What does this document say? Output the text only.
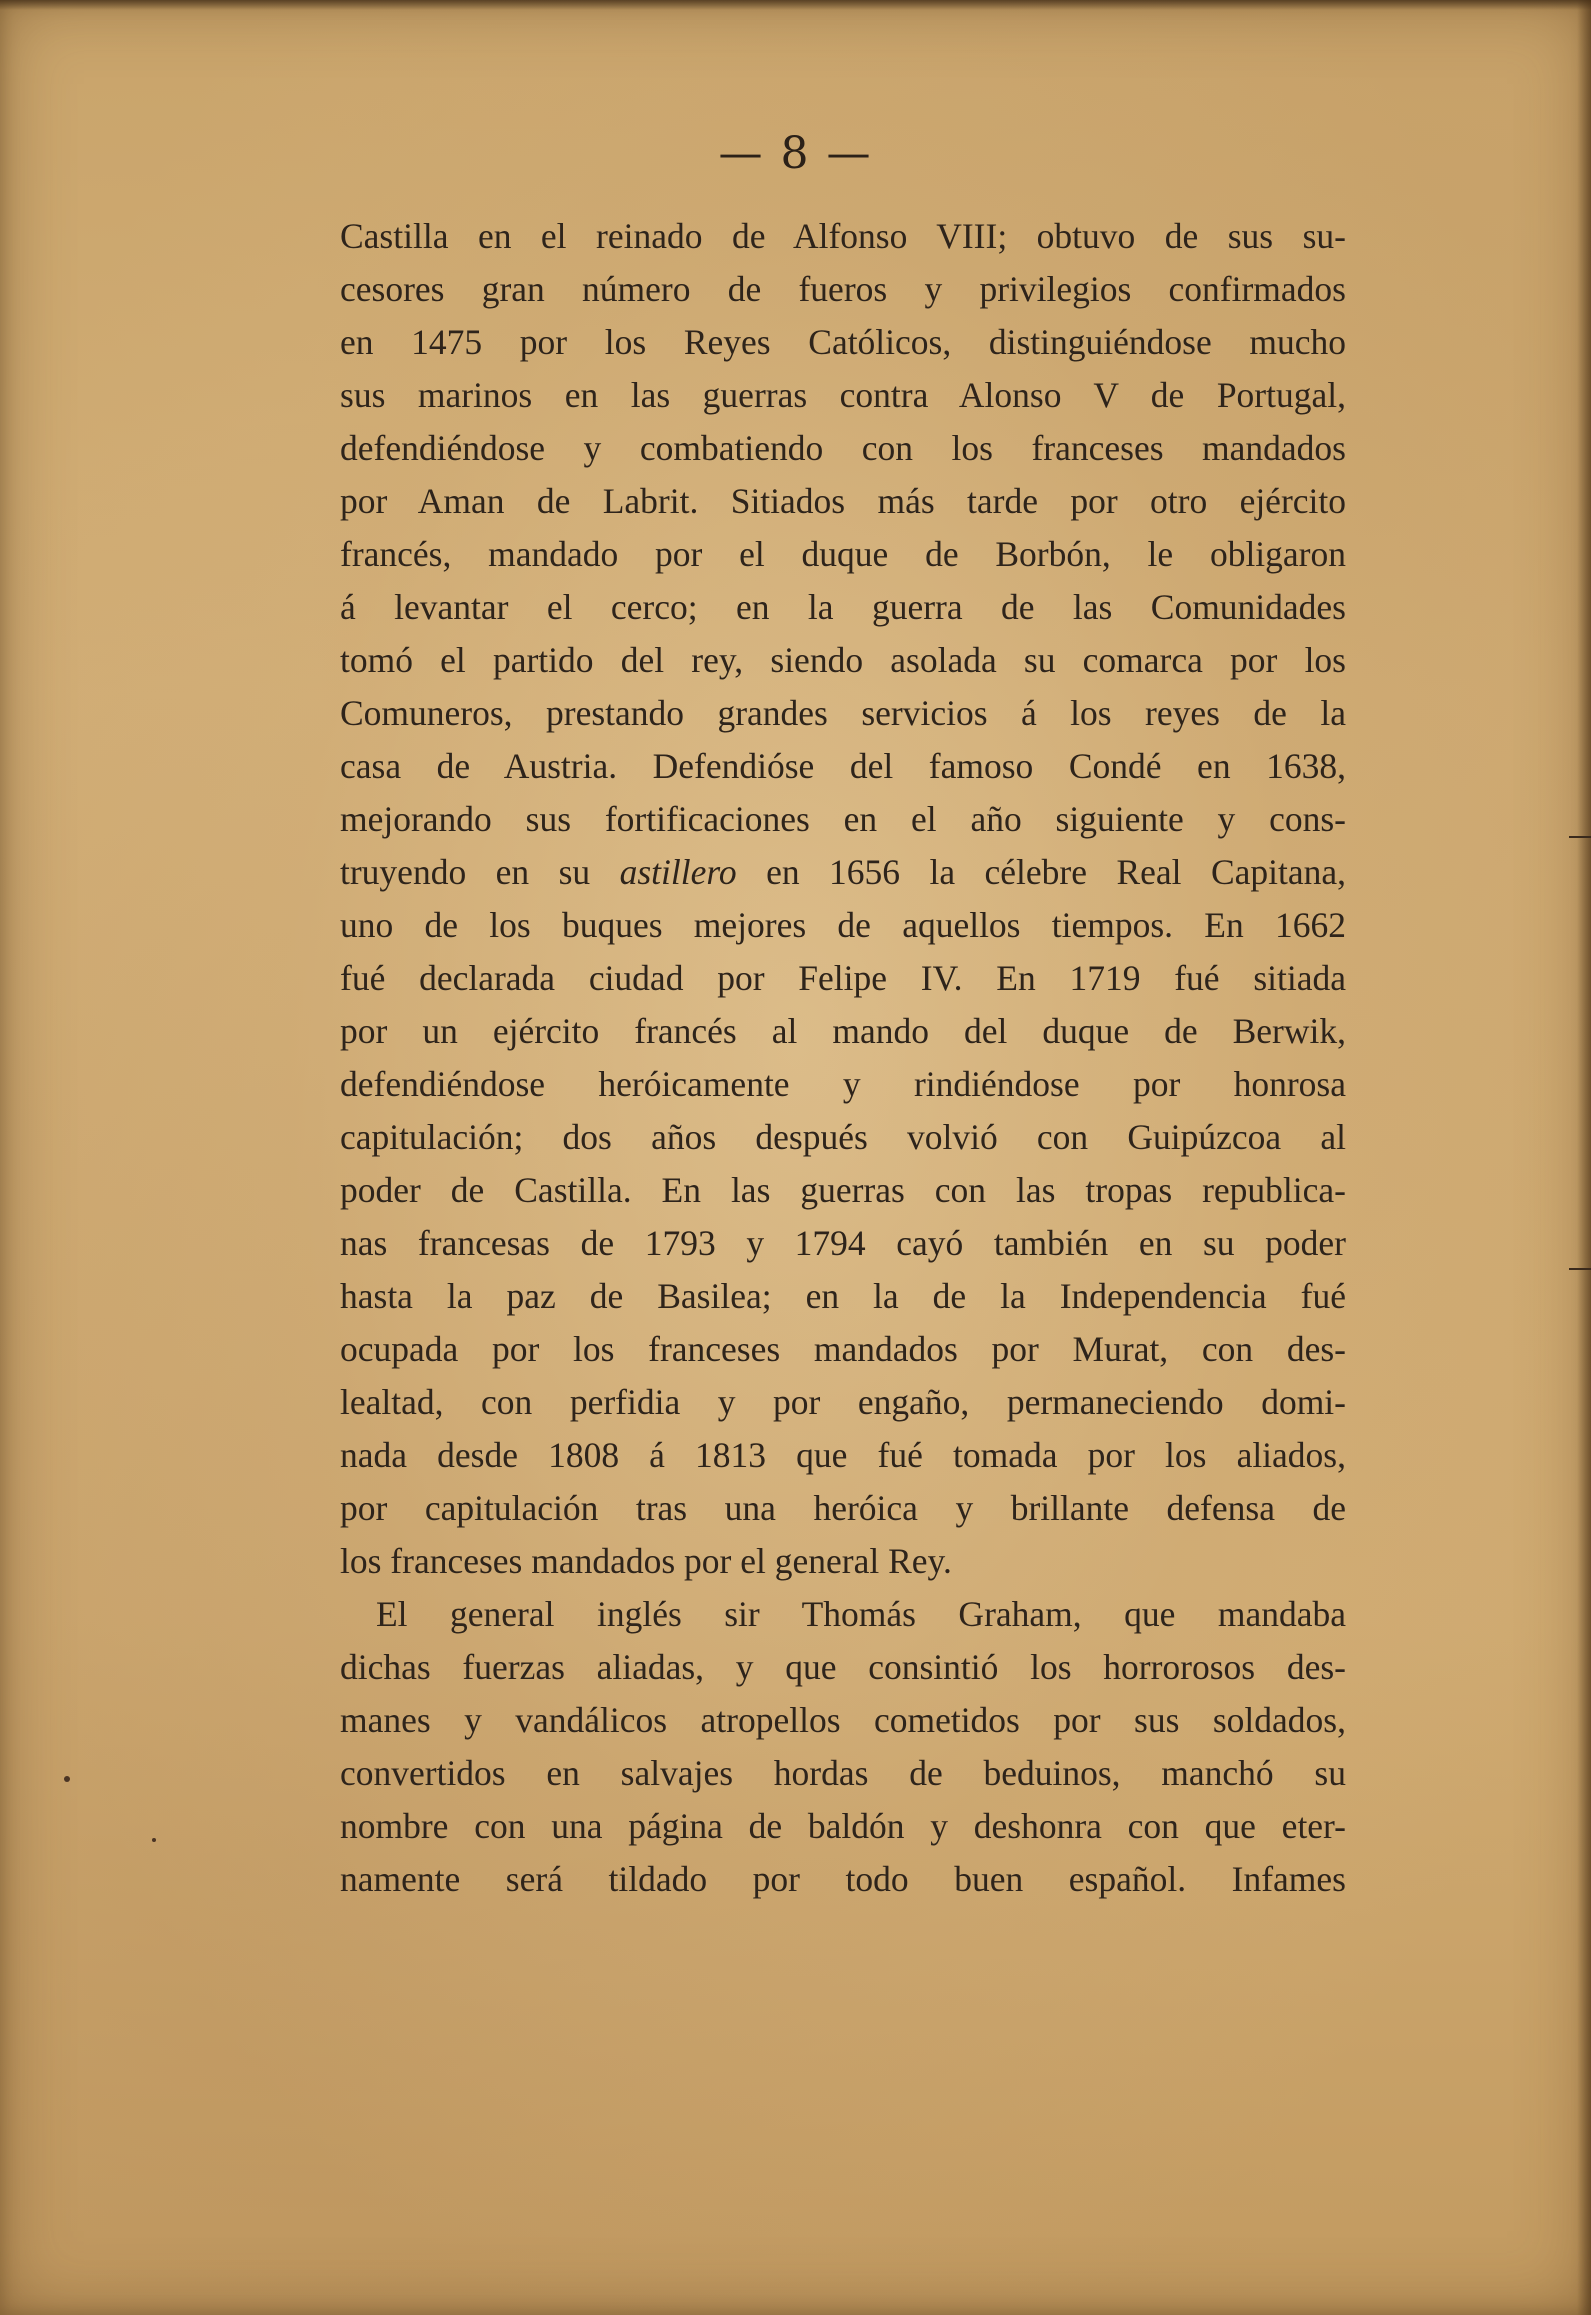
— 8 —
Castilla en el reinado de Alfonso VIII; obtuvo de sus su-
cesores gran número de fueros y privilegios confirmados
en 1475 por los Reyes Católicos, distinguiéndose mucho
sus marinos en las guerras contra Alonso V de Portugal,
defendiéndose y combatiendo con los franceses mandados
por Aman de Labrit. Sitiados más tarde por otro ejército
francés, mandado por el duque de Borbón, le obligaron
á levantar el cerco; en la guerra de las Comunidades
tomó el partido del rey, siendo asolada su comarca por los
Comuneros, prestando grandes servicios á los reyes de la
casa de Austria. Defendióse del famoso Condé en 1638,
mejorando sus fortificaciones en el año siguiente y cons-
truyendo en su astillero en 1656 la célebre Real Capitana,
uno de los buques mejores de aquellos tiempos. En 1662
fué declarada ciudad por Felipe IV. En 1719 fué sitiada
por un ejército francés al mando del duque de Berwik,
defendiéndose heróicamente y rindiéndose por honrosa
capitulación; dos años después volvió con Guipúzcoa al
poder de Castilla. En las guerras con las tropas republica-
nas francesas de 1793 y 1794 cayó también en su poder
hasta la paz de Basilea; en la de la Independencia fué
ocupada por los franceses mandados por Murat, con des-
lealtad, con perfidia y por engaño, permaneciendo domi-
nada desde 1808 á 1813 que fué tomada por los aliados,
por capitulación tras una heróica y brillante defensa de
los franceses mandados por el general Rey.
El general inglés sir Thomás Graham, que mandaba
dichas fuerzas aliadas, y que consintió los horrorosos des-
manes y vandálicos atropellos cometidos por sus soldados,
convertidos en salvajes hordas de beduinos, manchó su
nombre con una página de baldón y deshonra con que eter-
namente será tildado por todo buen español. Infames
